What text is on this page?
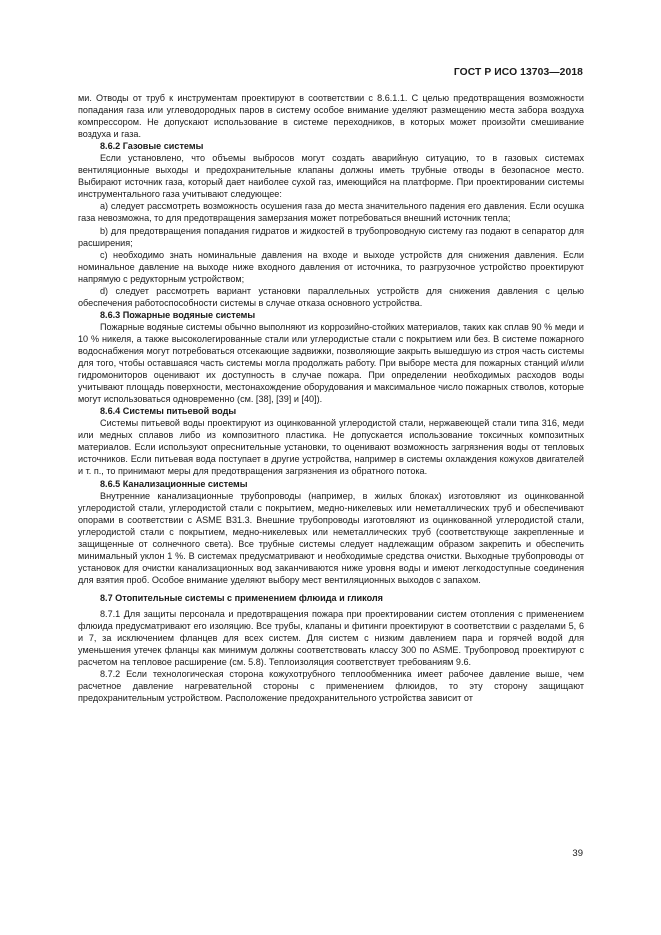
ГОСТ Р ИСО 13703—2018

ми. Отводы от труб к инструментам проектируют в соответствии с 8.6.1.1. С целью предотвращения возможности попадания газа или углеводородных паров в систему особое внимание уделяют размещению места забора воздуха компрессором. Не допускают использование в системе переходников, в которых может произойти смешивание воздуха и газа.

8.6.2 Газовые системы

Если установлено, что объемы выбросов могут создать аварийную ситуацию, то в газовых системах вентиляционные выходы и предохранительные клапаны должны иметь трубные отводы в безопасное место. Выбирают источник газа, который дает наиболее сухой газ, имеющийся на платформе. При проектировании системы инструментального газа учитывают следующее:

а) следует рассмотреть возможность осушения газа до места значительного падения его давления. Если осушка газа невозможна, то для предотвращения замерзания может потребоваться внешний источник тепла;

b) для предотвращения попадания гидратов и жидкостей в трубопроводную систему газ подают в сепаратор для расширения;

c) необходимо знать номинальные давления на входе и выходе устройств для снижения давления. Если номинальное давление на выходе ниже входного давления от источника, то разгрузочное устройство проектируют напрямую с редукторным устройством;

d) следует рассмотреть вариант установки параллельных устройств для снижения давления с целью обеспечения работоспособности системы в случае отказа основного устройства.

8.6.3 Пожарные водяные системы

Пожарные водяные системы обычно выполняют из коррозийно-стойких материалов, таких как сплав 90 % меди и 10 % никеля, а также высоколегированные стали или углеродистые стали с покрытием или без. В системе пожарного водоснабжения могут потребоваться отсекающие задвижки, позволяющие закрыть вышедшую из строя часть системы для того, чтобы оставшаяся часть системы могла продолжать работу. При выборе места для пожарных станций и/или гидромониторов оценивают их доступность в случае пожара. При определении необходимых расходов воды учитывают площадь поверхности, местонахождение оборудования и максимальное число пожарных стволов, которые могут использоваться одновременно (см. [38], [39] и [40]).

8.6.4 Системы питьевой воды

Системы питьевой воды проектируют из оцинкованной углеродистой стали, нержавеющей стали типа 316, меди или медных сплавов либо из композитного пластика. Не допускается использование токсичных композитных материалов. Если используют опреснительные установки, то оценивают возможность загрязнения воды от тепловых источников. Если питьевая вода поступает в другие устройства, например в системы охлаждения кожухов двигателей и т. п., то принимают меры для предотвращения загрязнения из обратного потока.

8.6.5 Канализационные системы

Внутренние канализационные трубопроводы (например, в жилых блоках) изготовляют из оцинкованной углеродистой стали, углеродистой стали с покрытием, медно-никелевых или неметаллических труб и обеспечивают опорами в соответствии с ASME B31.3. Внешние трубопроводы изготовляют из оцинкованной углеродистой стали, углеродистой стали с покрытием, медно-никелевых или неметаллических труб (соответствующе закрепленные и защищенные от солнечного света). Все трубные системы следует надлежащим образом закрепить и обеспечить минимальный уклон 1 %. В системах предусматривают и необходимые средства очистки. Выходные трубопроводы от установок для очистки канализационных вод заканчиваются ниже уровня воды и имеют легкодоступные соединения для взятия проб. Особое внимание уделяют выбору мест вентиляционных выходов с запахом.

8.7 Отопительные системы с применением флюида и гликоля

8.7.1 Для защиты персонала и предотвращения пожара при проектировании систем отопления с применением флюида предусматривают его изоляцию. Все трубы, клапаны и фитинги проектируют в соответствии с разделами 5, 6 и 7, за исключением фланцев для всех систем. Для систем с низким давлением пара и горячей водой для уменьшения утечек фланцы как минимум должны соответствовать классу 300 по ASME. Трубопровод проектируют с расчетом на тепловое расширение (см. 5.8). Теплоизоляция соответствует требованиям 9.6.

8.7.2 Если технологическая сторона кожухотрубного теплообменника имеет рабочее давление выше, чем расчетное давление нагревательной стороны с применением флюидов, то эту сторону защищают предохранительным устройством. Расположение предохранительного устройства зависит от

39
